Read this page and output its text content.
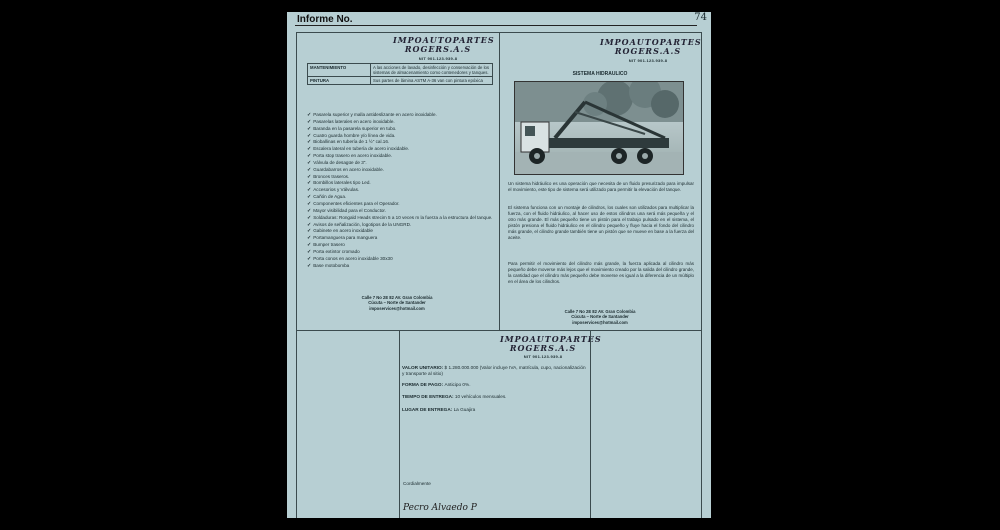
Informe No.	74
IMPOAUTOPARTES
ROGERS.A.S
NIT 901.123.939-8
MANTENIMIENTO	A las acciones de lavado, desinfección y conservación de los sistemas de almacenamiento como contenedores y tanques.
PINTURA	Sus partes de lámina ASTM A-36 van con pintura epóxica
✓ Pasarela superior y malla antideslizante en acero inoxidable.
✓ Pasarelas laterales en acero inoxidable.
✓ Baranda en la pasarela superior en tubo.
✓ Cuatro guarda hombre y/o línea de vida.
✓ Bioballinas en tubería de 1 ½" cal.16.
✓ Escalera lateral en tubería de acero inoxidable.
✓ Porta stop trasero en acero inoxidable.
✓ Válvula de desagüe de 3".
✓ Guardabarros en acero inoxidable.
✓ Bronces traseros.
✓ Bombillos laterales tipo Led.
✓ Accesorios y Válvulas.
✓ Cañón de Agua.
✓ Componentes eficientes para el Operador.
✓ Mayor visibilidad para el Conductor.
✓ Soldaduras: Rongald Heads strecim 5 a 10 veces m la fuerza a la estructura del tanque.
✓ Avisos de señalización, logotipos de la UNGRD.
✓ Gabinete en acero inoxidable
✓ Portamanguera para manguera
✓ Bumper trasero
✓ Porta extintor cromado
✓ Porta conos en acero inoxidable 30x30
✓ Base motobomba
Calle 7 No 2E 82 AV. Gran Colombia
Cúcuta – Norte de Santander
imposervices@hotmail.com
IMPOAUTOPARTES
ROGERS.A.S
NIT 901.123.939-8
SISTEMA HIDRAULICO
Un sistema hidráulico es una operación que necesita de un fluido presurizado para impulsar el movimiento, este tipo de sistema será utilizado para permitir la elevación del tanque.
El sistema funciona con un montaje de cilindros, los cuales son utilizados para multiplicar la fuerza, con el fluido hidráulico, al hacer uso de estos cilindros una será más pequeña y el otro más grande. El más pequeño tiene un pistón para el trabajo pulsado en el sistema, el pistón presiona el fluido hidráulico en el cilindro pequeño y fluye hacia el fondo del cilindro más grande, el cilindro grande también tiene un pistón que se mueve en base a la fuerza del aceite.
Para permitir el movimiento del cilindro más grande, la fuerza aplicada al cilindro más pequeño debe moverse más lejos que el movimiento creado por la salida del cilindro grande, la cantidad que el cilindro más pequeño debe moverse es igual a la diferencia de un múltiplo en el área de los cilindros.
Calle 7 No 2E 82 AV. Gran Colombia
Cúcuta – Norte de Santander
imposervices@hotmail.com
IMPOAUTOPARTES
ROGERS.A.S
NIT 901.123.939-8
VALOR UNITARIO: $ 1.280.000.000 (Valor incluye IVA, matrícula, cupo, nacionalización y transporte al sitio)
FORMA DE PAGO: Anticipo 0%.
TIEMPO DE ENTREGA: 10 vehículos mensuales.
LUGAR DE ENTREGA: La Guajira
Cordialmente
Pecro Alvaedo P
